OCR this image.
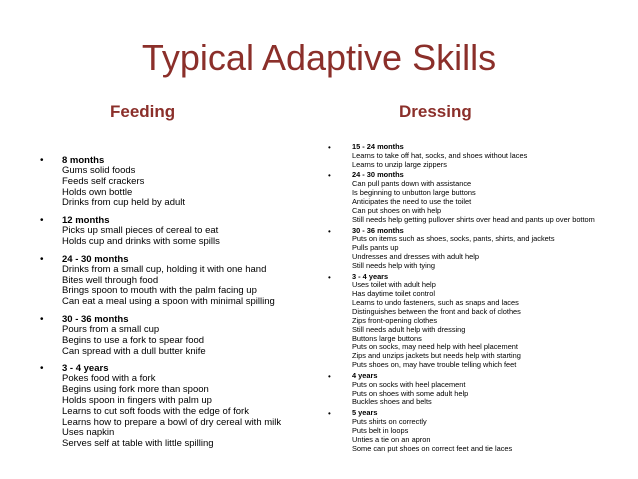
Typical Adaptive Skills
Feeding	Dressing
• 8 months
Gums solid foods
Feeds self crackers
Holds own bottle
Drinks from cup held by adult
• 12 months
Picks up small pieces of cereal to eat
Holds cup and drinks with some spills
• 24 - 30 months
Drinks from a small cup, holding it with one hand
Bites well through food
Brings spoon to mouth with the palm facing up
Can eat a meal using a spoon with minimal spilling
• 30 - 36 months
Pours from a small cup
Begins to use a fork to spear food
Can spread with a dull butter knife
• 3 - 4 years
Pokes food with a fork
Begins using fork more than spoon
Holds spoon in fingers with palm up
Learns to cut soft foods with the edge of fork
Learns how to prepare a bowl of dry cereal with milk
Uses napkin
Serves self at table with little spilling
•	15 - 24 months
Learns to take off hat, socks, and shoes without laces
Learns to unzip large zippers
•	24 - 30 months
Can pull pants down with assistance
Is beginning to unbutton large buttons
Anticipates the need to use the toilet
Can put shoes on with help
Still needs help getting pullover shirts over head and pants up over bottom
•	30 - 36 months
Puts on items such as shoes, socks, pants, shirts, and jackets
Pulls pants up
Undresses and dresses with adult help
Still needs help with tying
•	3 - 4 years
Uses toilet with adult help
Has daytime toilet control
Learns to undo fasteners, such as snaps and laces
Distinguishes between the front and back of clothes
Zips front-opening clothes
Still needs adult help with dressing
Buttons large buttons
Puts on socks, may need help with heel placement
Zips and unzips jackets but needs help with starting
Puts shoes on, may have trouble telling which feet
•	4 years
Puts on socks with heel placement
Puts on shoes with some adult help
Buckles shoes and belts
•	5 years
Puts shirts on correctly
Puts belt in loops
Unties a tie on an apron
Some can put shoes on correct feet and tie laces
